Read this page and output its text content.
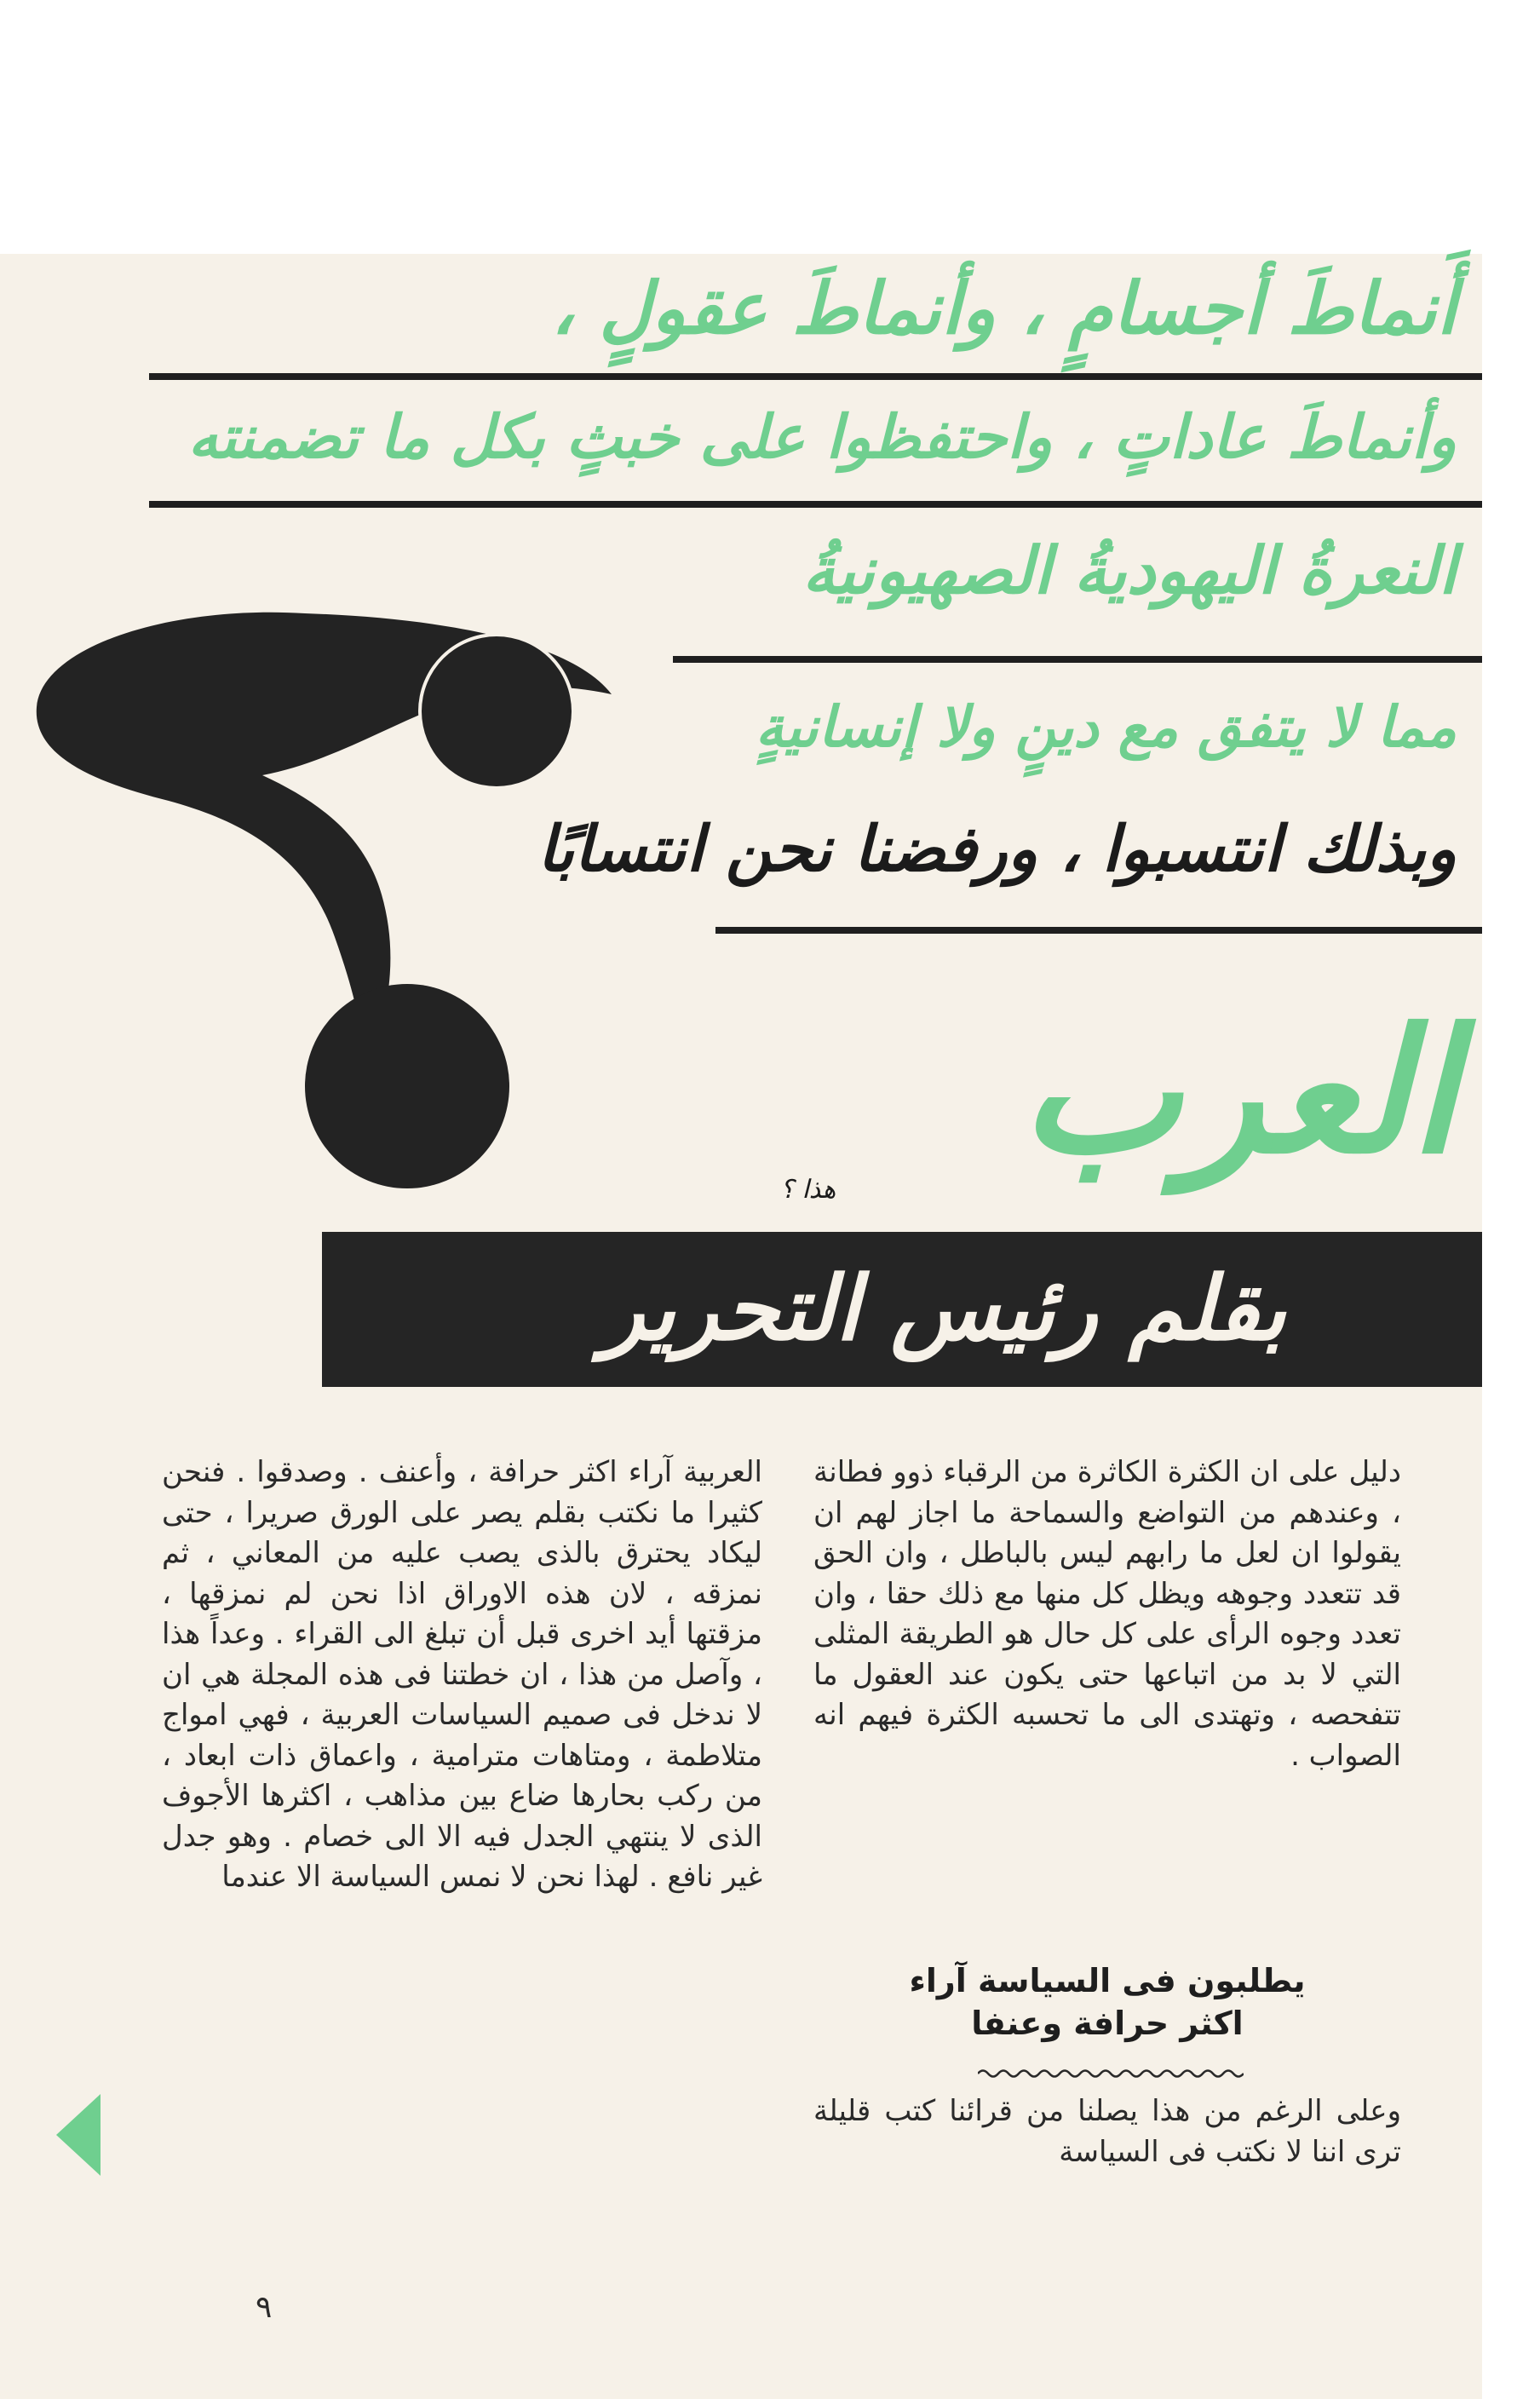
أَنماطَ أجسامٍ ، وأنماطَ عقولٍ ،
وأنماطَ عاداتٍ ، واحتفظوا على خبثٍ بكل ما تضمنته
النعرةُ اليهوديةُ الصهيونيةُ
مما لا يتفق مع دينٍ ولا إنسانيةٍ
وبذلك انتسبوا ، ورفضنا نحن انتسابًا
العرب
هذا ؟
بقلم رئيس التحرير

دليل على ان الكثرة الكاثرة من الرقباء ذوو فطانة ، وعندهم من التواضع والسماحة ما اجاز لهم ان يقولوا ان لعل ما رابهم ليس بالباطل ، وان الحق قد تتعدد وجوهه ويظل كل منها مع ذلك حقا ، وان تعدد وجوه الرأى على كل حال هو الطريقة المثلى التي لا بد من اتباعها حتى يكون عند العقول ما تتفحصه ، وتهتدى الى ما تحسبه الكثرة فيهم انه الصواب .

يطلبون فى السياسة آراء
اكثر حرافة وعنفا

وعلى الرغم من هذا يصلنا من قرائنا كتب قليلة ترى اننا لا نكتب فى السياسة

العربية آراء اكثر حرافة ، وأعنف . وصدقوا . فنحن كثيرا ما نكتب بقلم يصر على الورق صريرا ، حتى ليكاد يحترق بالذى يصب عليه من المعاني ، ثم نمزقه ، لان هذه الاوراق اذا نحن لم نمزقها ، مزقتها أيد اخرى قبل أن تبلغ الى القراء . وعداً هذا ، وآصل من هذا ، ان خطتنا فى هذه المجلة هي ان لا ندخل فى صميم السياسات العربية ، فهي امواج متلاطمة ، ومتاهات مترامية ، واعماق ذات ابعاد ، من ركب بحارها ضاع بين مذاهب ، اكثرها الأجوف الذى لا ينتهي الجدل فيه الا الى خصام . وهو جدل غير نافع . لهذا نحن لا نمس السياسة الا عندما

٩
